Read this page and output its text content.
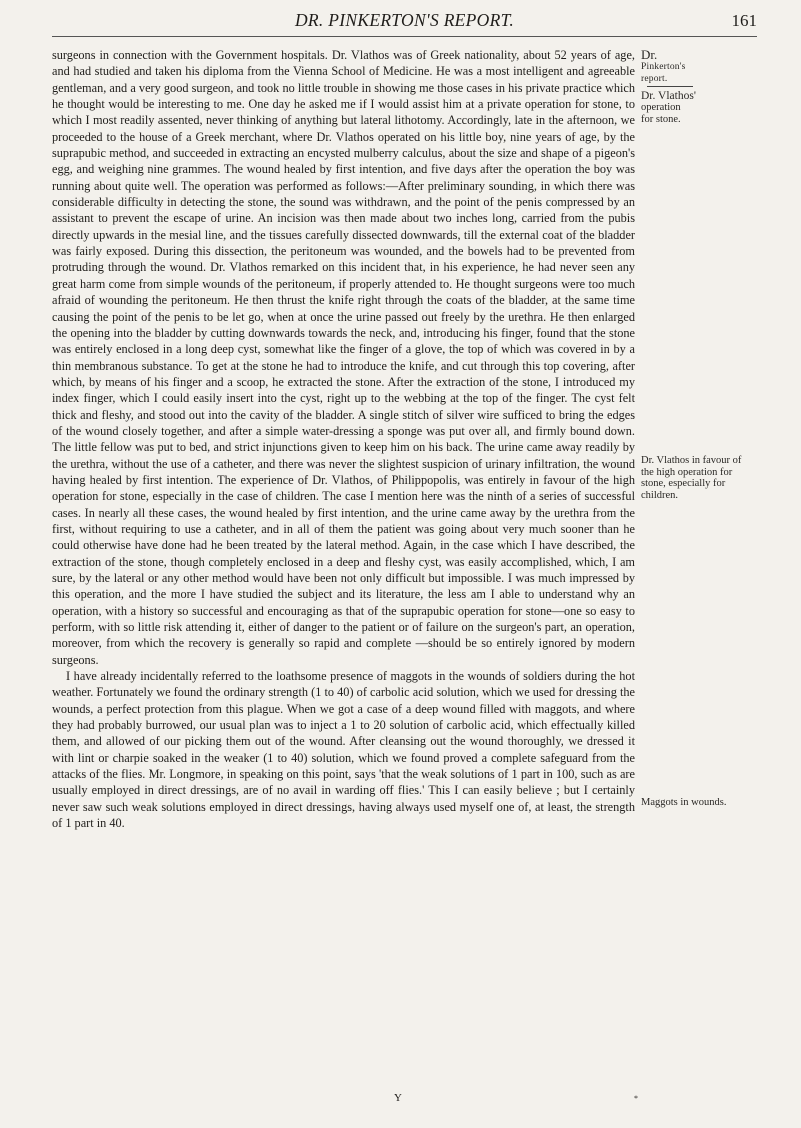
DR. PINKERTON'S REPORT.	161

surgeons in connection with the Government hospitals. Dr. Vlathos was of Greek nationality, about 52 years of age, and had studied and taken his diploma from the Vienna School of Medicine. He was a most intelligent and agreeable gentleman, and a very good surgeon, and took no little trouble in showing me those cases in his private practice which he thought would be interesting to me. One day he asked me if I would assist him at a private operation for stone, to which I most readily assented, never thinking of anything but lateral lithotomy. Accordingly, late in the afternoon, we proceeded to the house of a Greek merchant, where Dr. Vlathos operated on his little boy, nine years of age, by the suprapubic method, and succeeded in extracting an encysted mulberry calculus, about the size and shape of a pigeon's egg, and weighing nine grammes. The wound healed by first intention, and five days after the operation the boy was running about quite well. The operation was performed as follows:—After preliminary sounding, in which there was considerable difficulty in detecting the stone, the sound was withdrawn, and the point of the penis compressed by an assistant to prevent the escape of urine. An incision was then made about two inches long, carried from the pubis directly upwards in the mesial line, and the tissues carefully dissected downwards, till the external coat of the bladder was fairly exposed. During this dissection, the peritoneum was wounded, and the bowels had to be prevented from protruding through the wound. Dr. Vlathos remarked on this incident that, in his experience, he had never seen any great harm come from simple wounds of the peritoneum, if properly attended to. He thought surgeons were too much afraid of wounding the peritoneum. He then thrust the knife right through the coats of the bladder, at the same time causing the point of the penis to be let go, when at once the urine passed out freely by the urethra. He then enlarged the opening into the bladder by cutting downwards towards the neck, and, introducing his finger, found that the stone was entirely enclosed in a long deep cyst, somewhat like the finger of a glove, the top of which was covered in by a thin membranous substance. To get at the stone he had to introduce the knife, and cut through this top covering, after which, by means of his finger and a scoop, he extracted the stone. After the extraction of the stone, I introduced my index finger, which I could easily insert into the cyst, right up to the webbing at the top of the finger. The cyst felt thick and fleshy, and stood out into the cavity of the bladder. A single stitch of silver wire sufficed to bring the edges of the wound closely together, and after a simple water-dressing a sponge was put over all, and firmly bound down. The little fellow was put to bed, and strict injunctions given to keep him on his back. The urine came away readily by the urethra, without the use of a catheter, and there was never the slightest suspicion of urinary infiltration, the wound having healed by first intention. The experience of Dr. Vlathos, of Philippopolis, was entirely in favour of the high operation for stone, especially in the case of children. The case I mention here was the ninth of a series of successful cases. In nearly all these cases, the wound healed by first intention, and the urine came away by the urethra from the first, without requiring to use a catheter, and in all of them the patient was going about very much sooner than he could otherwise have done had he been treated by the lateral method. Again, in the case which I have described, the extraction of the stone, though completely enclosed in a deep and fleshy cyst, was easily accomplished, which, I am sure, by the lateral or any other method would have been not only difficult but impossible. I was much impressed by this operation, and the more I have studied the subject and its literature, the less am I able to understand why an operation, with a history so successful and encouraging as that of the suprapubic operation for stone—one so easy to perform, with so little risk attending it, either of danger to the patient or of failure on the surgeon's part, an operation, moreover, from which the recovery is generally so rapid and complete —should be so entirely ignored by modern surgeons.

I have already incidentally referred to the loathsome presence of maggots in the wounds of soldiers during the hot weather. Fortunately we found the ordinary strength (1 to 40) of carbolic acid solution, which we used for dressing the wounds, a perfect protection from this plague. When we got a case of a deep wound filled with maggots, and where they had probably burrowed, our usual plan was to inject a 1 to 20 solution of carbolic acid, which effectually killed them, and allowed of our picking them out of the wound. After cleansing out the wound thoroughly, we dressed it with lint or charpie soaked in the weaker (1 to 40) solution, which we found proved a complete safeguard from the attacks of the flies. Mr. Longmore, in speaking on this point, says 'that the weak solutions of 1 part in 100, such as are usually employed in direct dressings, are of no avail in warding off flies.' This I can easily believe ; but I certainly never saw such weak solutions employed in direct dressings, having always used myself one of, at least, the strength of 1 part in 40.

Dr.
Pinkerton's
report.
Dr. Vlathos'
operation
for stone.
Dr. Vlathos in favour of the high operation for stone, especially for children.
Maggots in wounds.
Y	*
